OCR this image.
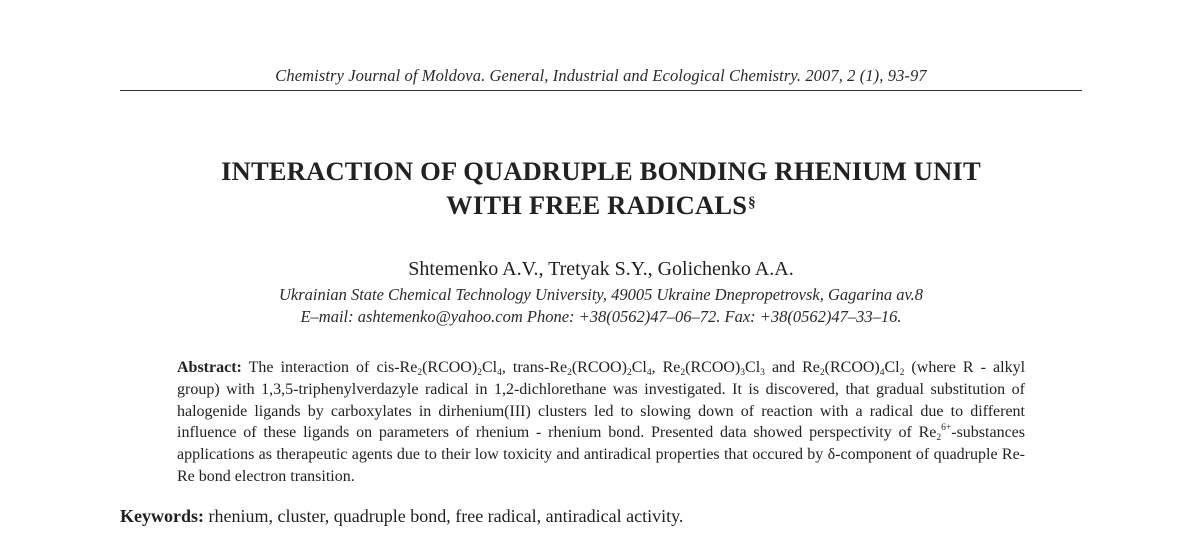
Chemistry Journal of Moldova. General, Industrial and Ecological Chemistry. 2007, 2 (1), 93-97
INTERACTION OF QUADRUPLE BONDING RHENIUM UNIT
WITH FREE RADICALS§
Shtemenko A.V., Tretyak S.Y., Golichenko A.A.
Ukrainian State Chemical Technology University, 49005 Ukraine Dnepropetrovsk, Gagarina av.8
E–mail: ashtemenko@yahoo.com Phone: +38(0562)47–06–72. Fax: +38(0562)47–33–16.

Abstract: The interaction of cis-$Re_2(RCOO)_2Cl_4$, trans-$Re_2(RCOO)_2Cl_4$, $Re_2(RCOO)_3Cl_3$ and $Re_2(RCOO)_4Cl_2$ (where R - alkyl group) with 1,3,5-triphenylverdazyle radical in 1,2-dichlorethane was investigated. It is discovered, that gradual substitution of halogenide ligands by carboxylates in dirhenium(III) clusters led to slowing down of reaction with a radical due to different influence of these ligands on parameters of rhenium - rhenium bond. Presented data showed perspectivity of $Re_2^{6+}$-substances applications as therapeutic agents due to their low toxicity and antiradical properties that occured by δ-component of quadruple Re-Re bond electron transition.

Keywords: rhenium, cluster, quadruple bond, free radical, antiradical activity.
